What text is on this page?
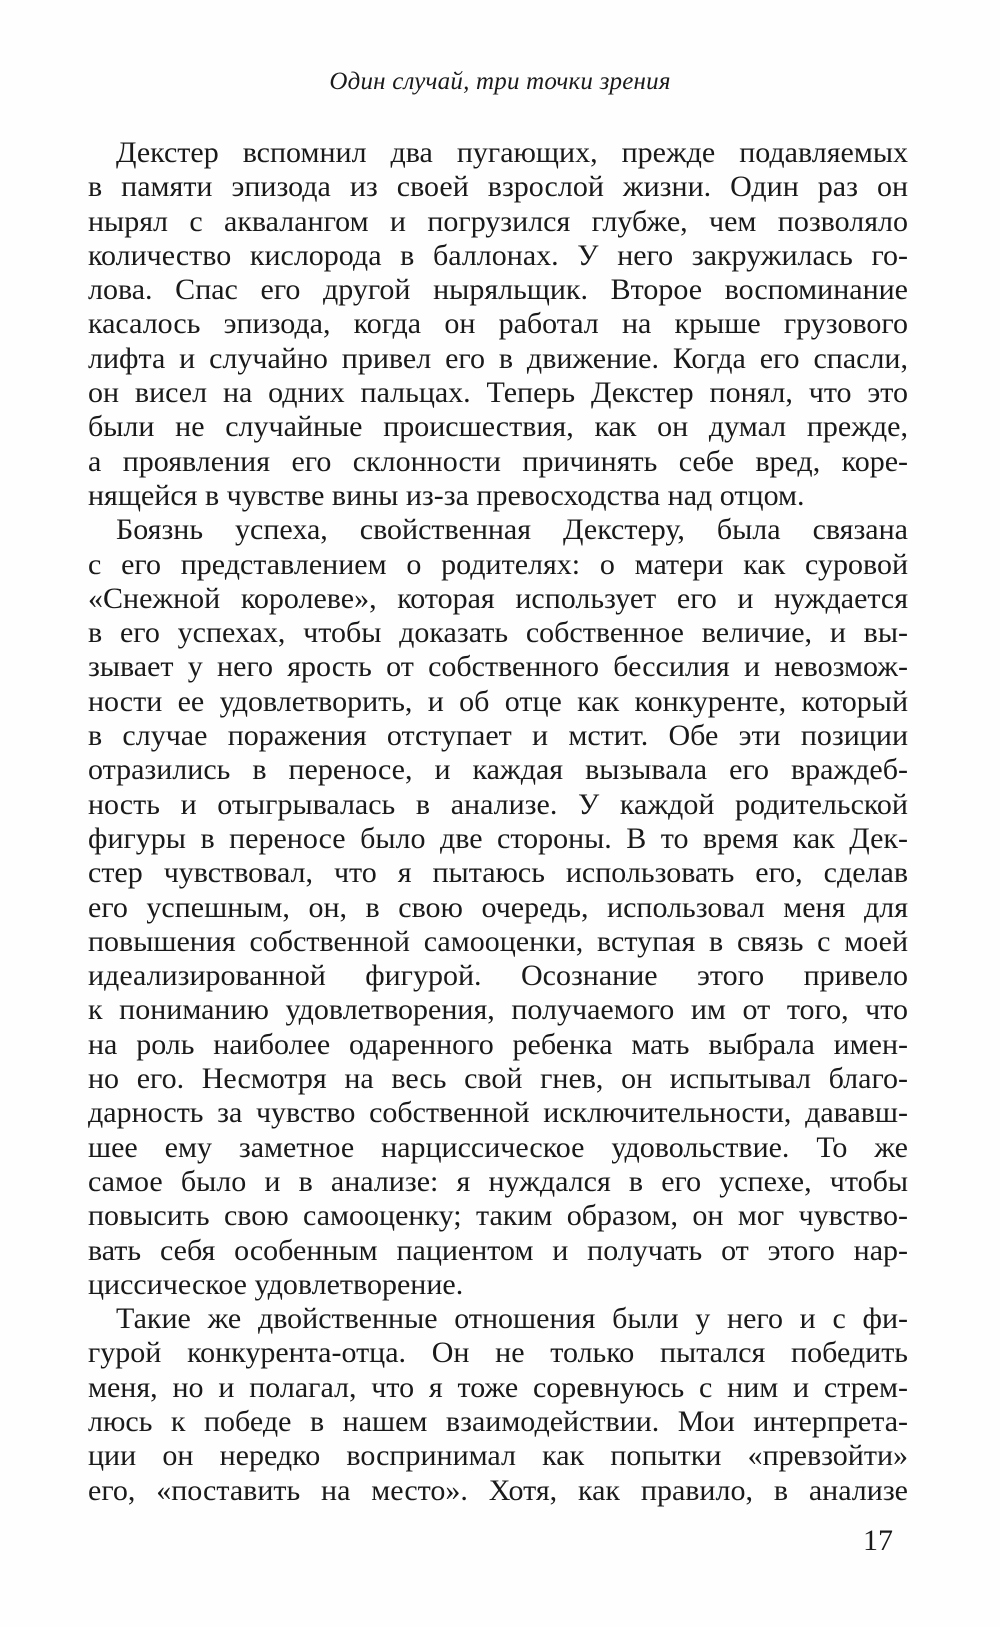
Один случай, три точки зрения
Декстер вспомнил два пугающих, прежде подавляемых
в памяти эпизода из своей взрослой жизни. Один раз он
нырял с аквалангом и погрузился глубже, чем позволяло
количество кислорода в баллонах. У него закружилась го-
лова. Спас его другой ныряльщик. Второе воспоминание
касалось эпизода, когда он работал на крыше грузового
лифта и случайно привел его в движение. Когда его спасли,
он висел на одних пальцах. Теперь Декстер понял, что это
были не случайные происшествия, как он думал прежде,
а проявления его склонности причинять себе вред, коре-
нящейся в чувстве вины из-за превосходства над отцом.
Боязнь успеха, свойственная Декстеру, была связана
с его представлением о родителях: о матери как суровой
«Снежной королеве», которая использует его и нуждается
в его успехах, чтобы доказать собственное величие, и вы-
зывает у него ярость от собственного бессилия и невозмож-
ности ее удовлетворить, и об отце как конкуренте, который
в случае поражения отступает и мстит. Обе эти позиции
отразились в переносе, и каждая вызывала его враждеб-
ность и отыгрывалась в анализе. У каждой родительской
фигуры в переносе было две стороны. В то время как Дек-
стер чувствовал, что я пытаюсь использовать его, сделав
его успешным, он, в свою очередь, использовал меня для
повышения собственной самооценки, вступая в связь с моей
идеализированной фигурой. Осознание этого привело
к пониманию удовлетворения, получаемого им от того, что
на роль наиболее одаренного ребенка мать выбрала имен-
но его. Несмотря на весь свой гнев, он испытывал благо-
дарность за чувство собственной исключительности, дававш-
шее ему заметное нарциссическое удовольствие. То же
самое было и в анализе: я нуждался в его успехе, чтобы
повысить свою самооценку; таким образом, он мог чувство-
вать себя особенным пациентом и получать от этого нар-
циссическое удовлетворение.
Такие же двойственные отношения были у него и с фи-
гурой конкурента-отца. Он не только пытался победить
меня, но и полагал, что я тоже соревнуюсь с ним и стрем-
люсь к победе в нашем взаимодействии. Мои интерпрета-
ции он нередко воспринимал как попытки «превзойти»
его, «поставить на место». Хотя, как правило, в анализе
17
